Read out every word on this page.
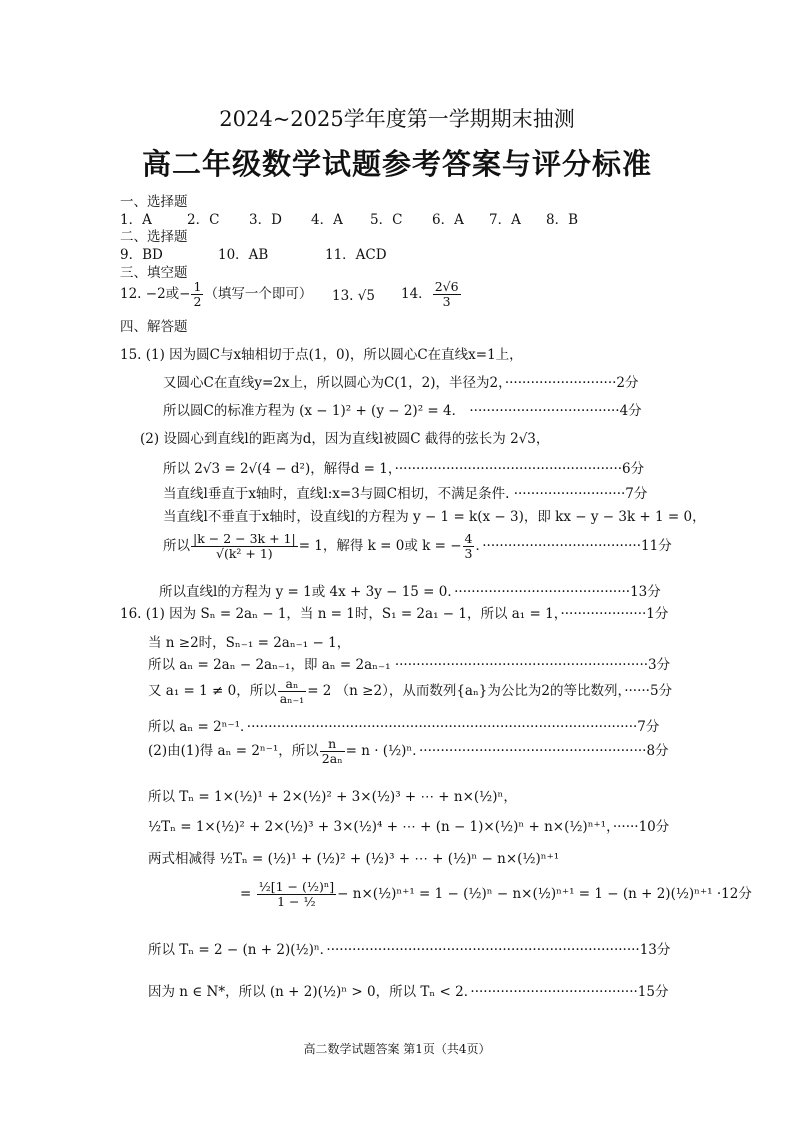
2024~2025学年度第一学期期末抽测
高二年级数学试题参考答案与评分标准
一、选择题
1．A	2．C 3．D 4．A 5．C 6．A 7．A 8．B
二、选择题
9．BD	10．AB	11．ACD
三、填空题
12. −2或− $\frac{1}{2}$ （填写一个即可） 13. √5 14． $\frac{2√6}{3}$
四、解答题
15. (1) 因为圆C与x轴相切于点(1，0)，所以圆心C在直线x=1上，
又圆心C在直线y=2x上，所以圆心为C(1，2)，半径为2，··························2分
所以圆C的标准方程为 (x − 1)² + (y − 2)² = 4． ···································4分
(2) 设圆心到直线l的距离为d，因为直线l被圆C 截得的弦长为 2√3，
所以 2√3 = 2√(4 − d²)，解得d = 1，·····················································6分
当直线l垂直于x轴时，直线l:x=3与圆C相切，不满足条件. ··························7分
当直线l不垂直于x轴时，设直线l的方程为 y − 1 = k(x − 3)，即 kx − y − 3k + 1 = 0，
所以 $\frac{|k - 2 - 3k + 1|}{\text{√(k² + 1)}} = 1$，解得 k = 0或 k = − $\frac{4}{3}$ ．·····································11分
所以直线l的方程为 y = 1或 4x + 3y − 15 = 0．·········································13分
16. (1) 因为 Sₙ = 2aₙ − 1，当 n = 1时，S₁ = 2a₁ − 1，所以 a₁ = 1，····················1分
当 n ≥2时，Sₙ₋₁ = 2aₙ₋₁ − 1，
所以 aₙ = 2aₙ − 2aₙ₋₁，即 aₙ = 2aₙ₋₁ ···························································3分
又 a₁ = 1 ≠ 0，所以 $\frac{\text{aₙ}}{\text{aₙ₋₁}} = 2$ （n ≥2），从而数列{aₙ}为公比为2的等比数列，······5分
所以 aₙ = 2ⁿ⁻¹．···························································································7分
(2)由(1)得 aₙ = 2ⁿ⁻¹，所以 $\frac{n}{\text{2aₙ}} = n$ · (½)ⁿ．·····················································8分
所以 Tₙ = 1×(½)¹ + 2×(½)² + 3×(½)³ + ⋯ + n×(½)ⁿ，
½Tₙ = 1×(½)² + 2×(½)³ + 3×(½)⁴ + ⋯ + (n − 1)×(½)ⁿ + n×(½)ⁿ⁺¹，······10分
两式相减得 ½Tₙ = (½)¹ + (½)² + (½)³ + ⋯ + (½)ⁿ − n×(½)ⁿ⁺¹
= $\frac{\text{½[1 − (½)ⁿ]}}{\text{1 − ½}}$ − n×(½)ⁿ⁺¹ = 1 − (½)ⁿ − n×(½)ⁿ⁺¹ = 1 − (n + 2)(½)ⁿ⁺¹ ·12分
所以 Tₙ = 2 − (n + 2)(½)ⁿ．·········································································13分
因为 n ∈ N*，所以 (n + 2)(½)ⁿ > 0，所以 Tₙ < 2．·······································15分
高二数学试题答案 第1页（共4页）
